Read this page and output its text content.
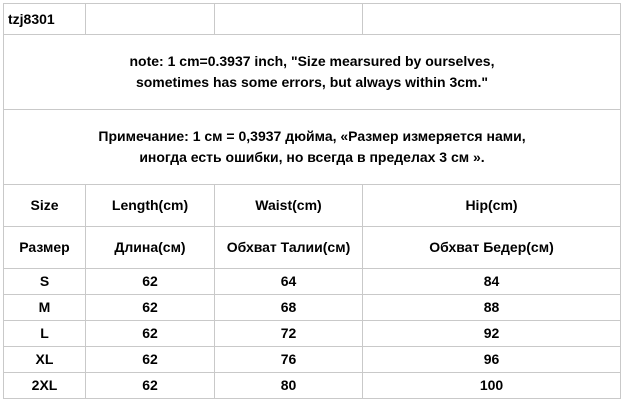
tzj8301			

note: 1 cm=0.3937 inch, "Size mearsured by ourselves,
sometimes has some errors, but always within 3cm."			

Примечание: 1 см = 0,3937 дюйма, «Размер измеряется нами,
иногда есть ошибки, но всегда в пределах 3 см ».			

Size	Length(cm)	Waist(cm)	Hip(cm)
Размер	Длина(см)	Обхват Талии(см)	Обхват Бедер(см)
S	62	64	84
M	62	68	88
L	62	72	92
XL	62	76	96
2XL	62	80	100
